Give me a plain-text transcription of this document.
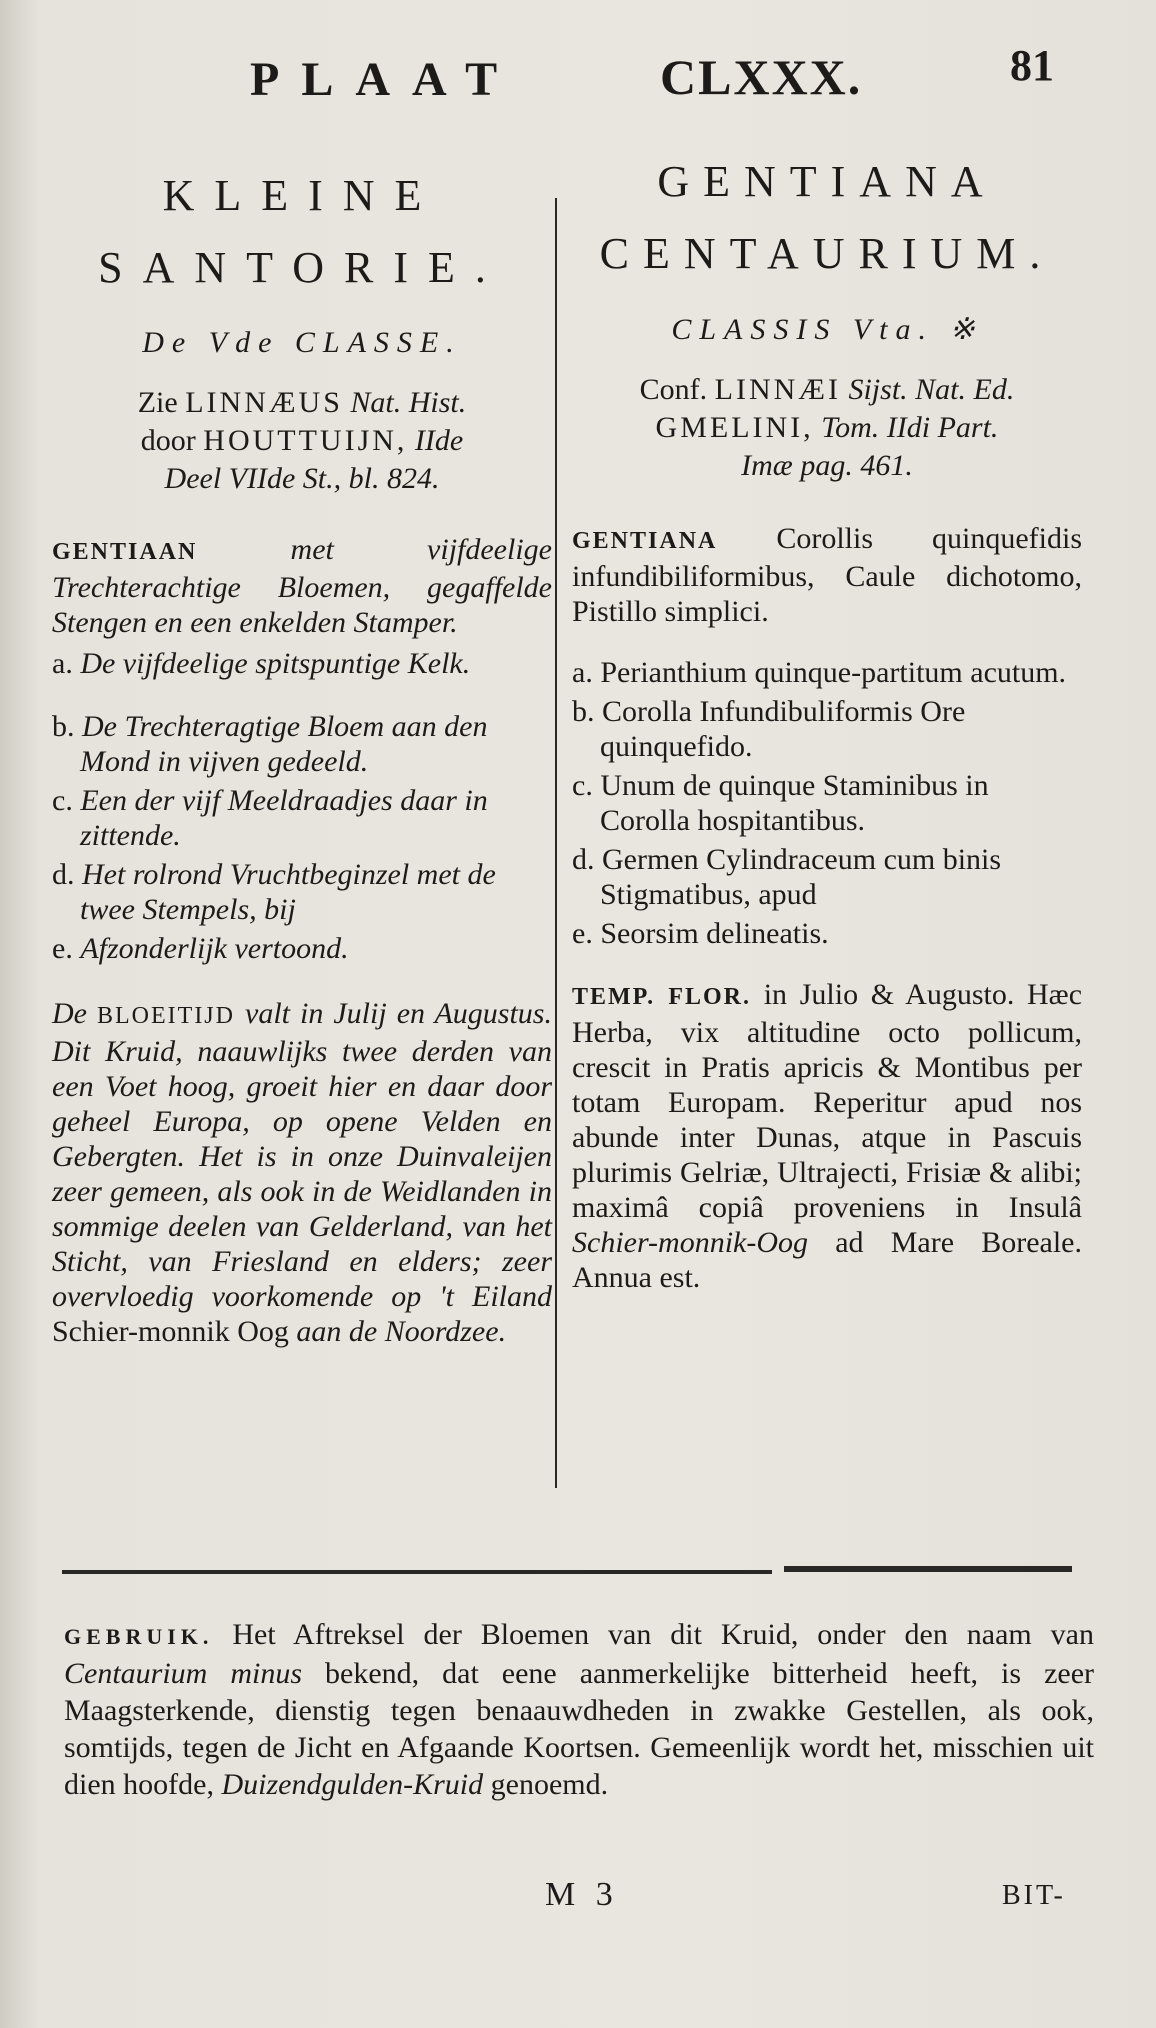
PLAAT	CLXXX.	81
KLEINE
SANTORIE.
De Vde CLASSE.
Zie LINNÆUS Nat. Hist.
door HOUTTUIJN, IIde
Deel VIIde St., bl. 824.
GENTIAAN	met vijfdeelige Trechterachtige Bloemen, gegaffelde Stengen en een enkelden Stamper.
a. De vijfdeelige spitspuntige Kelk.
b. De Trechteragtige Bloem aan den Mond in vijven gedeeld.
c. Een der vijf Meeldraadjes daar in zittende.
d. Het rolrond Vruchtbeginzel met de twee Stempels, bij
e. Afzonderlijk vertoond.
De BLOEITIJD valt in Julij en Augustus. Dit Kruid, naauwlijks twee derden van een Voet hoog, groeit hier en daar door geheel Europa, op opene Velden en Gebergten. Het is in onze Duinvaleijen zeer gemeen, als ook in de Weidlanden in sommige deelen van Gelderland, van het Sticht, van Friesland en elders; zeer overvloedig voorkomende op 't Eiland Schier-monnik Oog aan de Noordzee.
GENTIANA
CENTAURIUM.
CLASSIS Vta. ※
Conf. LINNÆI Sijst. Nat. Ed.
GMELINI, Tom. IIdi Part.
Imæ pag. 461.
GENTIANA Corollis quinquefidis infundibiliformibus, Caule dichotomo, Pistillo simplici.
a. Perianthium quinque-partitum acutum.
b. Corolla Infundibuliformis Ore quinquefido.
c. Unum de quinque Staminibus in Corolla hospitantibus.
d. Germen Cylindraceum cum binis Stigmatibus, apud
e. Seorsim delineatis.
TEMP. FLOR. in Julio & Augusto. Hæc Herba, vix altitudine octo pollicum, crescit in Pratis apricis & Montibus per totam Europam. Reperitur apud nos abunde inter Dunas, atque in Pascuis plurimis Gelriæ, Ultrajecti, Frisiæ & alibi; maximâ copiâ proveniens in Insulâ Schier-monnik-Oog ad Mare Boreale. Annua est.
GEBRUIK. Het Aftreksel der Bloemen van dit Kruid, onder den naam van Centaurium minus bekend, dat eene aanmerkelijke bitterheid heeft, is zeer Maagsterkende, dienstig tegen benaauwdheden in zwakke Gestellen, als ook, somtijds, tegen de Jicht en Afgaande Koortsen. Gemeenlijk wordt het, misschien uit dien hoofde, Duizendgulden-Kruid genoemd.
M 3	BIT-
